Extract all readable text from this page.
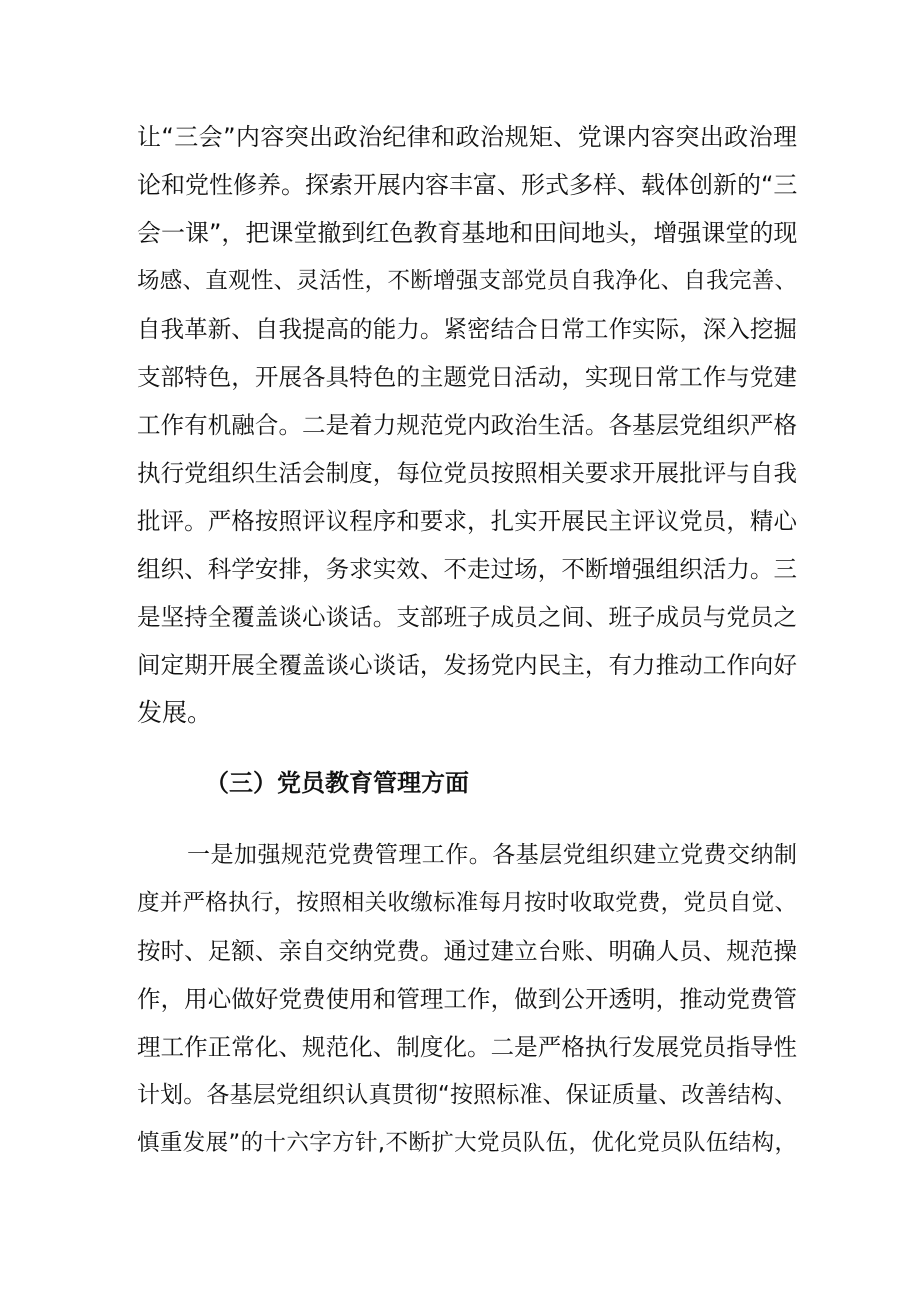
让“三会”内容突出政治纪律和政治规矩、党课内容突出政治理
论和党性修养。探索开展内容丰富、形式多样、载体创新的“三
会一课”，把课堂撤到红色教育基地和田间地头，增强课堂的现
场感、直观性、灵活性，不断增强支部党员自我净化、自我完善、
自我革新、自我提高的能力。紧密结合日常工作实际，深入挖掘
支部特色，开展各具特色的主题党日活动，实现日常工作与党建
工作有机融合。二是着力规范党内政治生活。各基层党组织严格
执行党组织生活会制度，每位党员按照相关要求开展批评与自我
批评。严格按照评议程序和要求，扎实开展民主评议党员，精心
组织、科学安排，务求实效、不走过场，不断增强组织活力。三
是坚持全覆盖谈心谈话。支部班子成员之间、班子成员与党员之
间定期开展全覆盖谈心谈话，发扬党内民主，有力推动工作向好
发展。
（三）党员教育管理方面
一是加强规范党费管理工作。各基层党组织建立党费交纳制
度并严格执行，按照相关收缴标准每月按时收取党费，党员自觉、
按时、足额、亲自交纳党费。通过建立台账、明确人员、规范操
作，用心做好党费使用和管理工作，做到公开透明，推动党费管
理工作正常化、规范化、制度化。二是严格执行发展党员指导性
计划。各基层党组织认真贯彻“按照标准、保证质量、改善结构、
慎重发展”的十六字方针,不断扩大党员队伍，优化党员队伍结构，
